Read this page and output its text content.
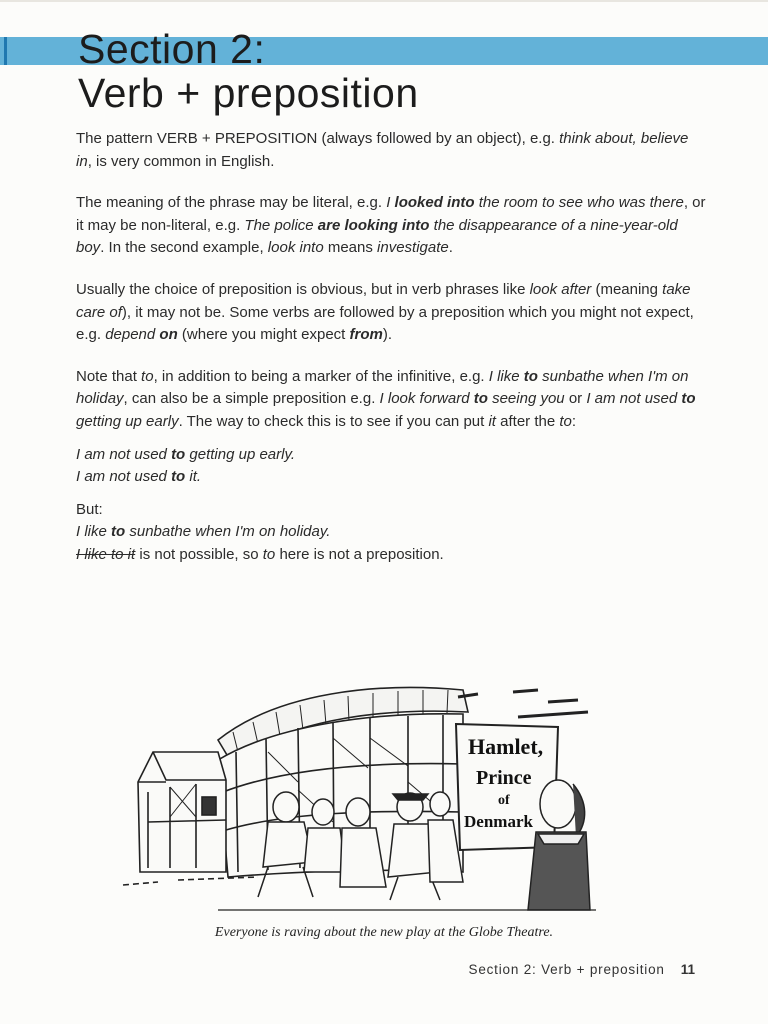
Section 2:
Verb + preposition

The pattern VERB + PREPOSITION (always followed by an object), e.g. think about, believe in, is very common in English.

The meaning of the phrase may be literal, e.g. I looked into the room to see who was there, or it may be non-literal, e.g. The police are looking into the disappearance of a nine-year-old boy. In the second example, look into means investigate.

Usually the choice of preposition is obvious, but in verb phrases like look after (meaning take care of), it may not be. Some verbs are followed by a preposition which you might not expect, e.g. depend on (where you might expect from).

Note that to, in addition to being a marker of the infinitive, e.g. I like to sunbathe when I'm on holiday, can also be a simple preposition e.g. I look forward to seeing you or I am not used to getting up early. The way to check this is to see if you can put it after the to:

I am not used to getting up early.

I am not used to it.

But:

I like to sunbathe when I'm on holiday.

I like to it is not possible, so to here is not a preposition.

Hamlet,
Prince
of
Denmark
Everyone is raving about the new play at the Globe Theatre.
Section 2: Verb + preposition 11
